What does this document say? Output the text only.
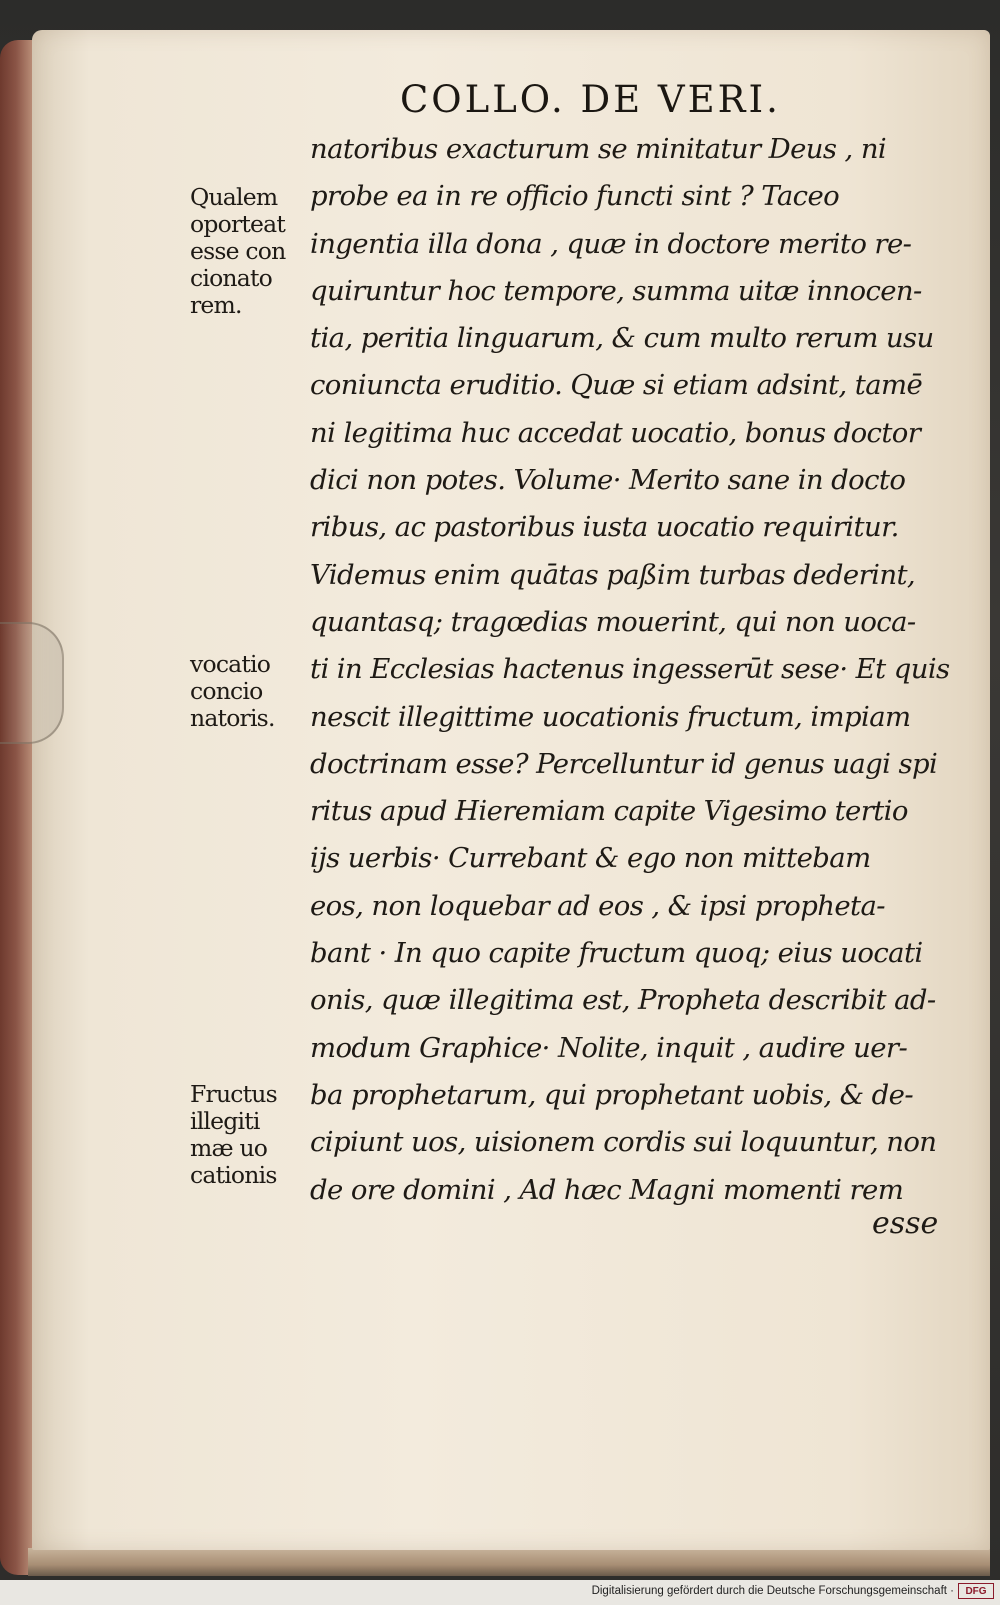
COLLO. DE VERI.
natoribus exacturum se minitatur Deus , ni
probe ea in re officio functi sint ? Taceo
ingentia illa dona , quæ in doctore merito re-
quiruntur hoc tempore, summa uitæ innocen-
tia, peritia linguarum, & cum multo rerum usu
coniuncta eruditio. Quæ si etiam adsint, tamē
ni legitima huc accedat uocatio, bonus doctor
dici non potes. Volume· Merito sane in docto
ribus, ac pastoribus iusta uocatio requiritur.
Videmus enim quātas paßim turbas dederint,
quantasq; tragœdias mouerint, qui non uoca-
ti in Ecclesias hactenus ingesserūt sese· Et quis
nescit illegittime uocationis fructum, impiam
doctrinam esse? Percelluntur id genus uagi spi
ritus apud Hieremiam capite Vigesimo tertio
ijs uerbis· Currebant & ego non mittebam
eos, non loquebar ad eos , & ipsi propheta-
bant · In quo capite fructum quoq; eius uocati
onis, quæ illegitima est, Propheta describit ad-
modum Graphice· Nolite, inquit , audire uer-
ba prophetarum, qui prophetant uobis, & de-
cipiunt uos, uisionem cordis sui loquuntur, non
de ore domini , Ad hæc Magni momenti rem
esse
Qualem
oporteat
esse con
cionato
rem.
vocatio
concio
natoris.
Fructus
illegiti
mæ uo
cationis
Digitalisierung gefördert durch die Deutsche Forschungsgemeinschaft ·	DFG
